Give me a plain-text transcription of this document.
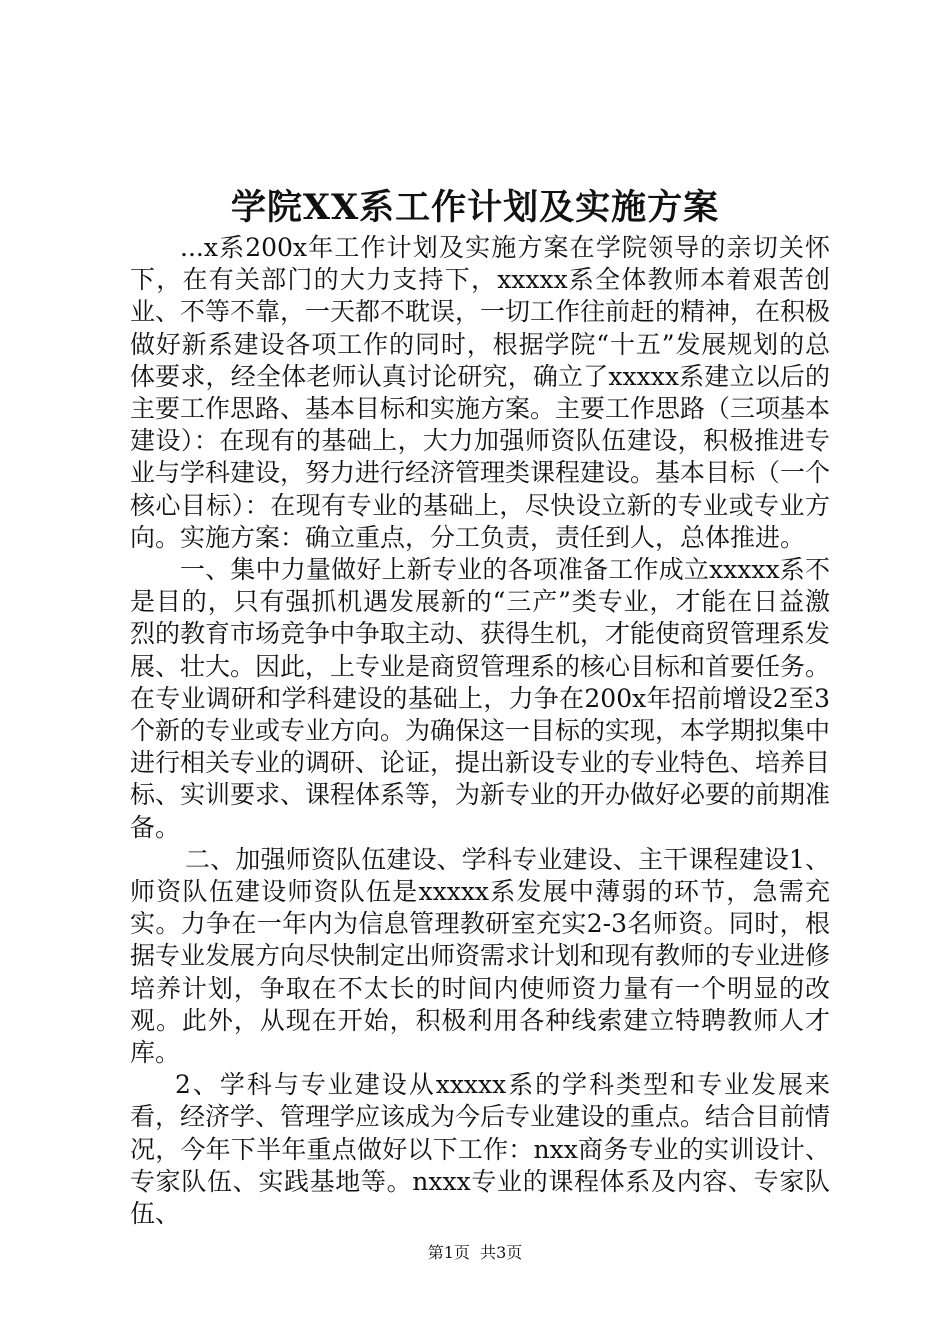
学院XX系工作计划及实施方案

...x系200x年工作计划及实施方案在学院领导的亲切关怀下，在有关部门的大力支持下，xxxxx系全体教师本着艰苦创业、不等不靠，一天都不耽误，一切工作往前赶的精神，在积极做好新系建设各项工作的同时，根据学院“十五”发展规划的总体要求，经全体老师认真讨论研究，确立了xxxxx系建立以后的主要工作思路、基本目标和实施方案。主要工作思路（三项基本建设）：在现有的基础上，大力加强师资队伍建设，积极推进专业与学科建设，努力进行经济管理类课程建设。基本目标（一个核心目标）：在现有专业的基础上，尽快设立新的专业或专业方向。实施方案：确立重点，分工负责，责任到人，总体推进。

一、集中力量做好上新专业的各项准备工作成立xxxxx系不是目的，只有强抓机遇发展新的“三产”类专业，才能在日益激烈的教育市场竞争中争取主动、获得生机，才能使商贸管理系发展、壮大。因此，上专业是商贸管理系的核心目标和首要任务。在专业调研和学科建设的基础上，力争在200x年招前增设2至3个新的专业或专业方向。为确保这一目标的实现，本学期拟集中进行相关专业的调研、论证，提出新设专业的专业特色、培养目标、实训要求、课程体系等，为新专业的开办做好必要的前期准备。

二、加强师资队伍建设、学科专业建设、主干课程建设1、师资队伍建设师资队伍是xxxxx系发展中薄弱的环节，急需充实。力争在一年内为信息管理教研室充实2-3名师资。同时，根据专业发展方向尽快制定出师资需求计划和现有教师的专业进修培养计划，争取在不太长的时间内使师资力量有一个明显的改观。此外，从现在开始，积极利用各种线索建立特聘教师人才库。

2、学科与专业建设从xxxxx系的学科类型和专业发展来看，经济学、管理学应该成为今后专业建设的重点。结合目前情况，今年下半年重点做好以下工作：nxx商务专业的实训设计、专家队伍、实践基地等。nxxx专业的课程体系及内容、专家队伍、

第1页 共3页
